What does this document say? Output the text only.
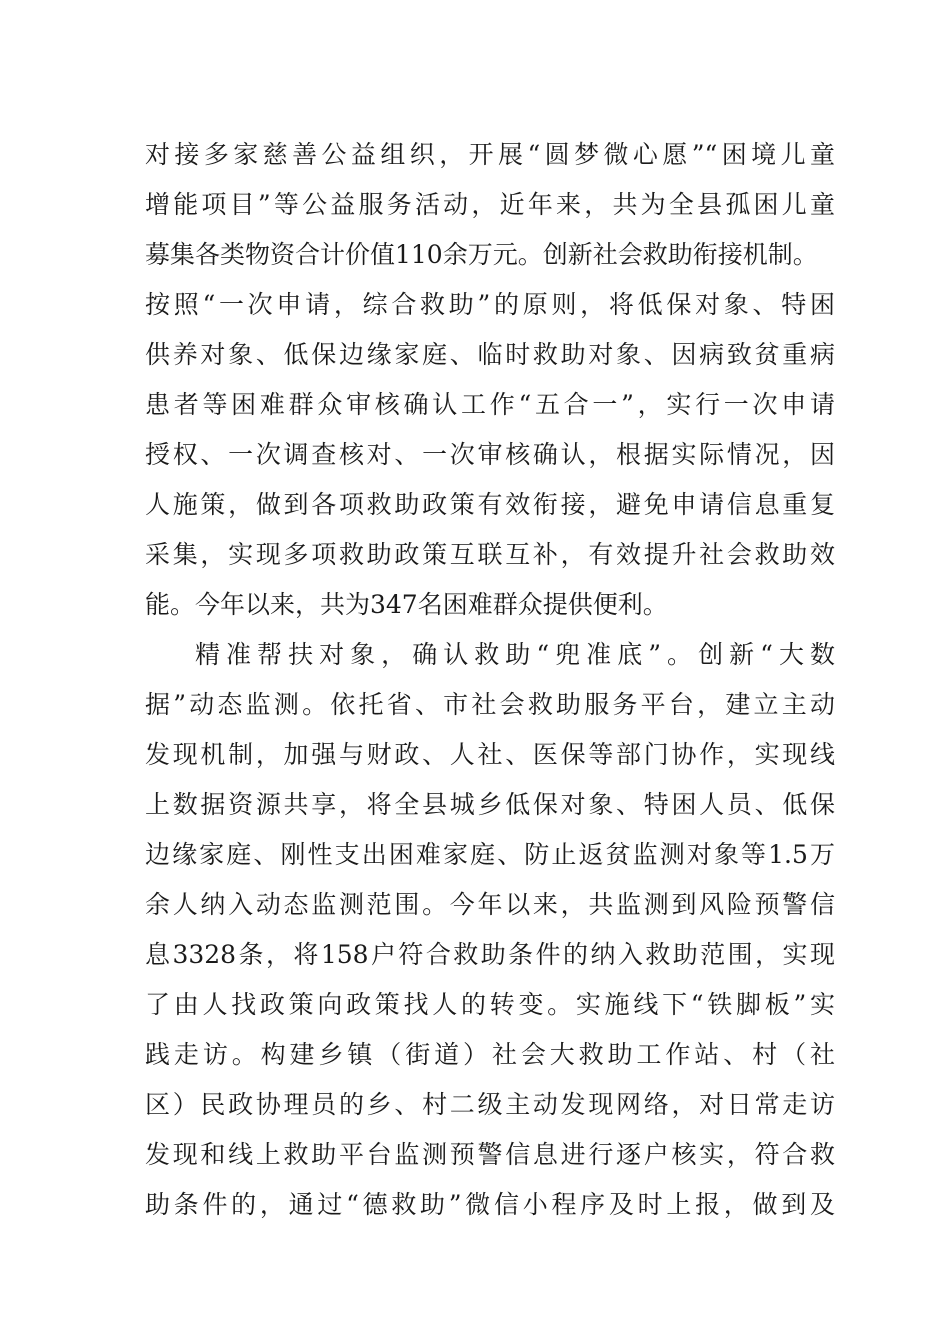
对接多家慈善公益组织，开展“圆梦微心愿”“困境儿童
增能项目”等公益服务活动，近年来，共为全县孤困儿童
募集各类物资合计价值110余万元。创新社会救助衔接机制。
按照“一次申请，综合救助”的原则，将低保对象、特困
供养对象、低保边缘家庭、临时救助对象、因病致贫重病
患者等困难群众审核确认工作“五合一”，实行一次申请
授权、一次调查核对、一次审核确认，根据实际情况，因
人施策，做到各项救助政策有效衔接，避免申请信息重复
采集，实现多项救助政策互联互补，有效提升社会救助效
能。今年以来，共为347名困难群众提供便利。
精准帮扶对象，确认救助“兜准底”。创新“大数
据”动态监测。依托省、市社会救助服务平台，建立主动
发现机制，加强与财政、人社、医保等部门协作，实现线
上数据资源共享，将全县城乡低保对象、特困人员、低保
边缘家庭、刚性支出困难家庭、防止返贫监测对象等1.5万
余人纳入动态监测范围。今年以来，共监测到风险预警信
息3328条，将158户符合救助条件的纳入救助范围，实现
了由人找政策向政策找人的转变。实施线下“铁脚板”实
践走访。构建乡镇（街道）社会大救助工作站、村（社
区）民政协理员的乡、村二级主动发现网络，对日常走访
发现和线上救助平台监测预警信息进行逐户核实，符合救
助条件的，通过“德救助”微信小程序及时上报，做到及
